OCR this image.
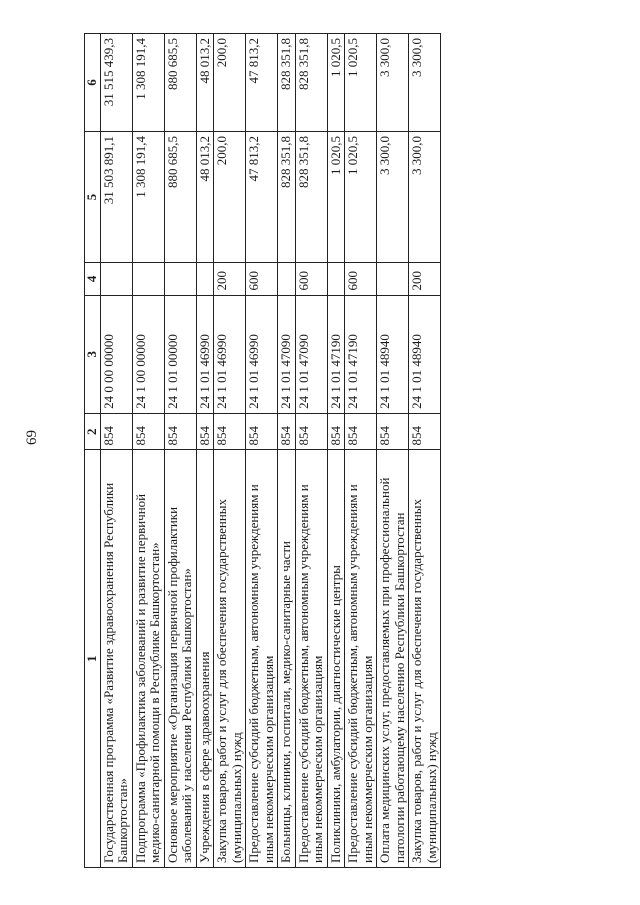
69
1	2	3	4	5	6
Государственная программа «Развитие здравоохранения Республики Башкортостан»	854	24 0 00 00000		31 503 891,1	31 515 439,3
Подпрограмма «Профилактика заболеваний и развитие первичной медико-санитарной помощи в Республике Башкортостан»	854	24 1 00 00000		1 308 191,4	1 308 191,4
Основное мероприятие «Организация первичной профилактики заболеваний у населения Республики Башкортостан»	854	24 1 01 00000		880 685,5	880 685,5
Учреждения в сфере здравоохранения	854	24 1 01 46990		48 013,2	48 013,2
Закупка товаров, работ и услуг для обеспечения государственных (муниципальных) нужд	854	24 1 01 46990	200	200,0	200,0
Предоставление субсидий бюджетным, автономным учреждениям и иным некоммерческим организациям	854	24 1 01 46990	600	47 813,2	47 813,2
Больницы, клиники, госпитали, медико-санитарные части	854	24 1 01 47090		828 351,8	828 351,8
Предоставление субсидий бюджетным, автономным учреждениям и иным некоммерческим организациям	854	24 1 01 47090	600	828 351,8	828 351,8
Поликлиники, амбулатории, диагностические центры	854	24 1 01 47190		1 020,5	1 020,5
Предоставление субсидий бюджетным, автономным учреждениям и иным некоммерческим организациям	854	24 1 01 47190	600	1 020,5	1 020,5
Оплата медицинских услуг, предоставляемых при профессиональной патологии работающему населению Республики Башкортостан	854	24 1 01 48940		3 300,0	3 300,0
Закупка товаров, работ и услуг для обеспечения государственных (муниципальных) нужд	854	24 1 01 48940	200	3 300,0	3 300,0
